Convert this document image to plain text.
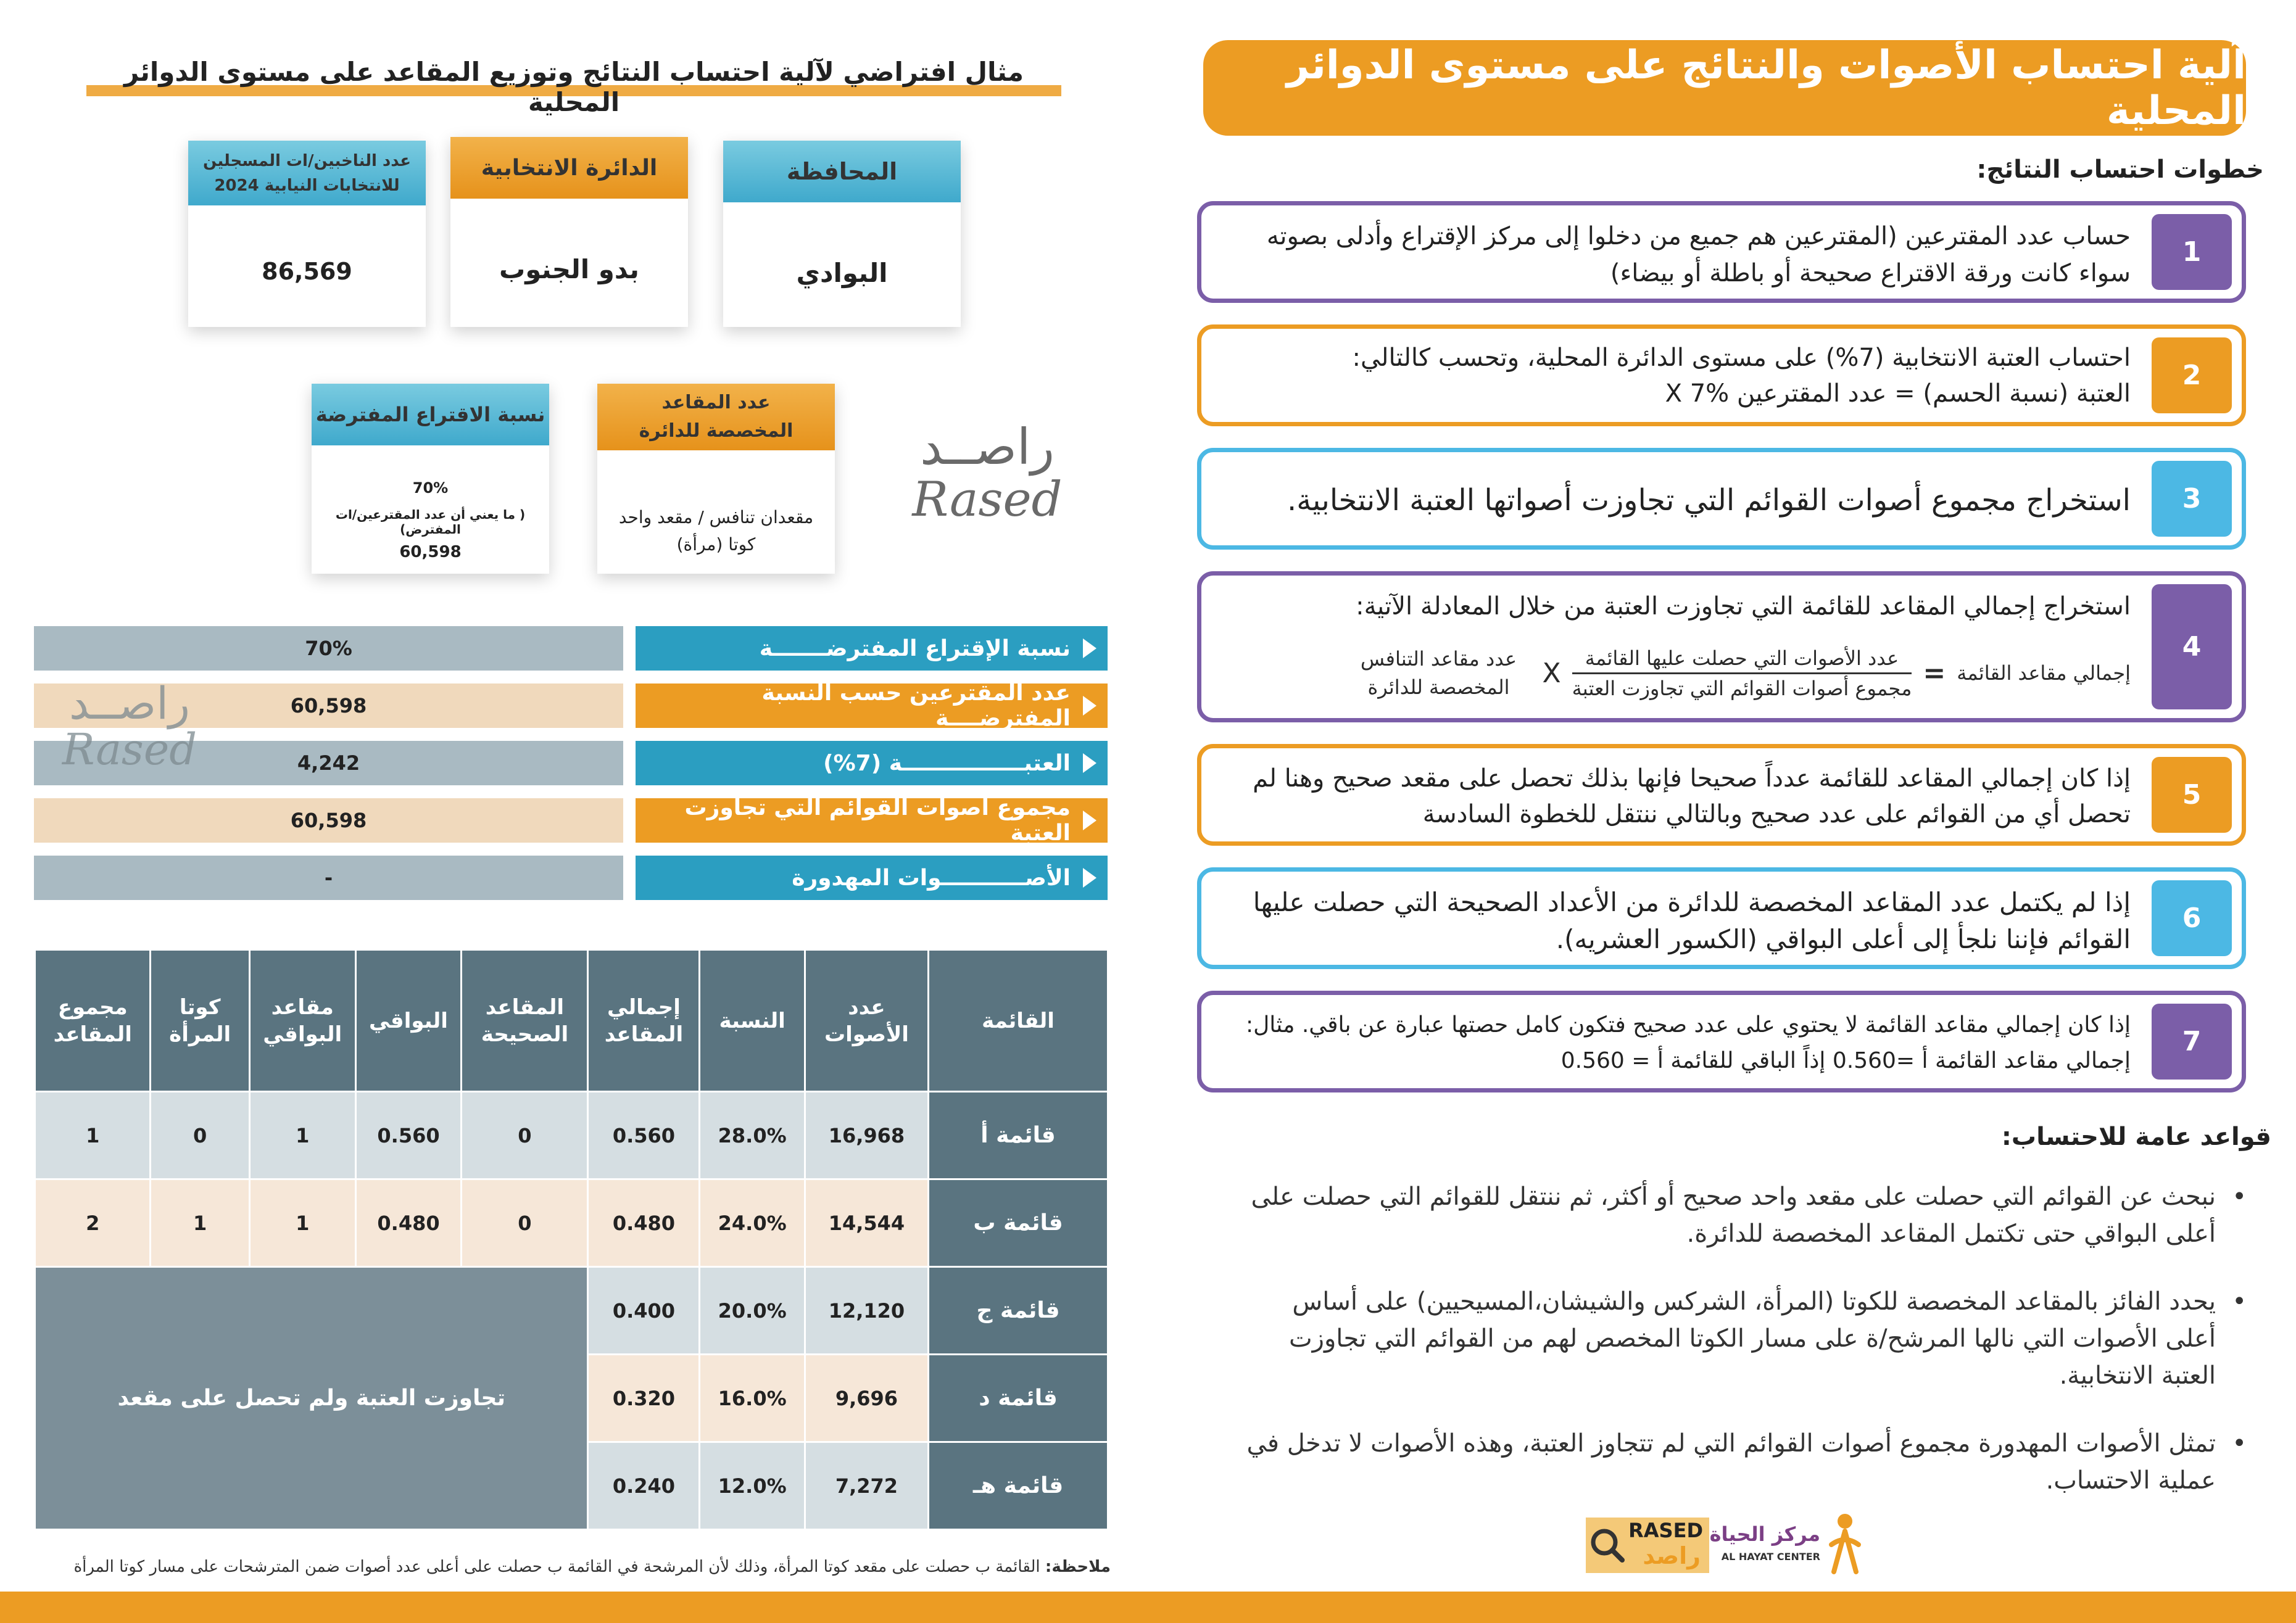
آلية احتساب الأصوات والنتائج على مستوى الدوائر المحلية
خطوات احتساب النتائج:
1
حساب عدد المقترعين (المقترعين هم جميع من دخلوا إلى مركز الإقتراع وأدلى بصوته سواء كانت ورقة الاقتراع صحيحة أو باطلة أو بيضاء)
2
احتساب العتبة الانتخابية (7%) على مستوى الدائرة المحلية، وتحسب كالتالي:
العتبة (نسبة الحسم) = عدد المقترعين X 7%
3
استخراج مجموع أصوات القوائم التي تجاوزت أصواتها العتبة الانتخابية.
4
استخراج إجمالي المقاعد للقائمة التي تجاوزت العتبة من خلال المعادلة الآتية:
إجمالي مقاعد القائمة
=
$\frac{\text{عدد الأصوات التي حصلت عليها القائمة}}{\text{مجموع أصوات القوائم التي تجاوزت العتبة}}$
X
عدد مقاعد التنافس المخصصة للدائرة
5
إذا كان إجمالي المقاعد للقائمة عدداً صحيحا فإنها بذلك تحصل على مقعد صحيح وهنا لم تحصل أي من القوائم على عدد صحيح وبالتالي ننتقل للخطوة السادسة
6
إذا لم يكتمل عدد المقاعد المخصصة للدائرة من الأعداد الصحيحة التي حصلت عليها القوائم فإننا نلجأ إلى أعلى البواقي (الكسور العشريه).
7
إذا كان إجمالي مقاعد القائمة لا يحتوي على عدد صحيح فتكون كامل حصتها عبارة عن باقي. مثال: إجمالي مقاعد القائمة أ =0.560 إذاً الباقي للقائمة أ = 0.560
قواعد عامة للاحتساب:
• نبحث عن القوائم التي حصلت على مقعد واحد صحيح أو أكثر، ثم ننتقل للقوائم التي حصلت على أعلى البواقي حتى تكتمل المقاعد المخصصة للدائرة.
• يحدد الفائز بالمقاعد المخصصة للكوتا (المرأة، الشركس والشيشان،المسيحيين) على أساس أعلى الأصوات التي نالها المرشح/ة على مسار الكوتا المخصص لهم من القوائم التي تجاوزت العتبة الانتخابية.
• تمثل الأصوات المهدورة مجموع أصوات القوائم التي لم تتجاوز العتبة، وهذه الأصوات لا تدخل في عملية الاحتساب.
مركز الحياة
AL HAYAT CENTER
RASED
راصد
مثال افتراضي لآلية احتساب النتائج وتوزيع المقاعد على مستوى الدوائر المحلية
المحافظة
البوادي
الدائرة الانتخابية
بدو الجنوب
عدد الناخبين/ات المسجلين للانتخابات النيابية 2024
86,569
عدد المقاعد المخصصة للدائرة
مقعدان تنافس / مقعد واحد
كوتا (مرأة)
نسبة الاقتراع المفترضة
70%
( ما يعني أن عدد المقترعين/ات المفترض)
60,598
راصــد
Rased
نسبة الإقتراع المفترضـــــــة
70%
عدد المقترعين حسب النسبة المفترضــــة
60,598
العتبــــــــــــــــة (7%)
4,242
مجموع أصوات القوائم التي تجاوزت العتبة
60,598
الأصـــــــــــوات المهدورة
-
راصــد
Rased
القائمة	عدد الأصوات	النسبة	إجمالي المقاعد	المقاعد الصحيحة	البواقي	مقاعد البواقي	كوتا المرأة	مجموع المقاعد
قائمة أ	16,968	28.0%	0.560	0	0.560	1	0	1
قائمة ب	14,544	24.0%	0.480	0	0.480	1	1	2
قائمة ج	12,120	20.0%	0.400	تجاوزت العتبة ولم تحصل على مقعد				
قائمة د	9,696	16.0%	0.320					
قائمة هـ	7,272	12.0%	0.240					
ملاحظة: القائمة ب حصلت على مقعد كوتا المرأة، وذلك لأن المرشحة في القائمة ب حصلت على أعلى عدد أصوات ضمن المترشحات على مسار كوتا المرأة
